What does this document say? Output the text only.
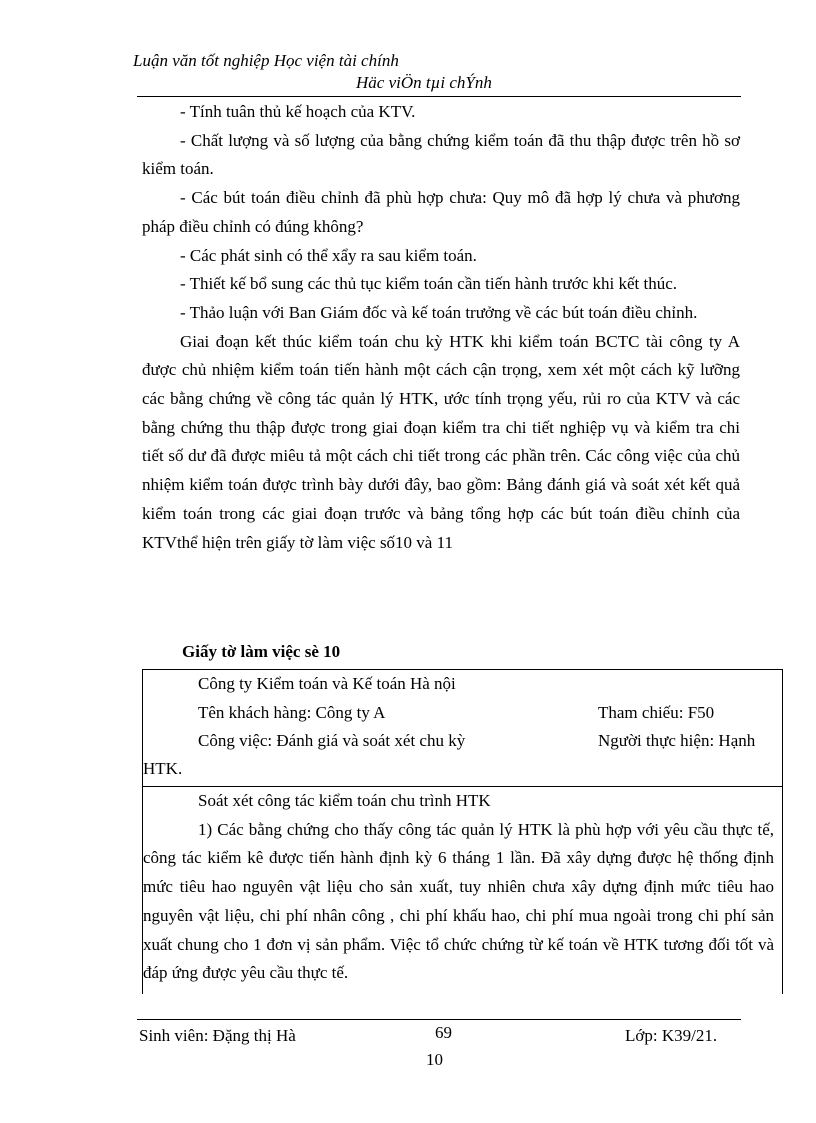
Luận văn tốt nghiệp Học viện tài chính
Häc viÖn tµi chÝnh

- Tính tuân thủ kế hoạch của KTV.

- Chất lượng và số lượng của bằng chứng kiểm toán đã thu thập được trên hồ sơ kiểm toán.

- Các bút toán điều chỉnh đã phù hợp chưa: Quy mô đã hợp lý chưa và phương pháp điều chỉnh có đúng không?

- Các phát sinh có thể xẩy ra sau kiểm toán.

- Thiết kế bổ sung các thủ tục kiểm toán cần tiến hành trước khi kết thúc.

- Thảo luận với Ban Giám đốc và kế toán trưởng về các bút toán điều chỉnh.

Giai đoạn kết thúc kiểm toán chu kỳ HTK khi kiểm toán BCTC tài công ty A được chủ nhiệm kiểm toán tiến hành một cách cận trọng, xem xét một cách kỹ lưỡng các bằng chứng về công tác quản lý HTK, ước tính trọng yếu, rủi ro của KTV và các bằng chứng thu thập được trong giai đoạn kiểm tra chi tiết nghiệp vụ và kiểm tra chi tiết số dư đã được miêu tả một cách chi tiết trong các phần trên. Các công việc của chủ nhiệm kiểm toán được trình bày dưới đây, bao gồm: Bảng đánh giá và soát xét kết quả kiểm toán trong các giai đoạn trước và bảng tổng hợp các bút toán điều chỉnh của KTVthể hiện trên giấy tờ làm việc số10 và 11

Giấy tờ làm việc sè 10
Công ty Kiểm toán và Kế toán Hà nội
Tên khách hàng: Công ty A	Tham chiếu: F50
Công việc: Đánh giá và soát xét chu kỳ	Người thực hiện: Hạnh
HTK.

Soát xét công tác kiểm toán chu trình HTK

1) Các bằng chứng cho thấy công tác quản lý HTK là phù hợp với yêu cầu thực tế, công tác kiểm kê được tiến hành định kỳ 6 tháng 1 lần. Đã xây dựng được hệ thống định mức tiêu hao nguyên vật liệu cho sản xuất, tuy nhiên chưa xây dựng định mức tiêu hao nguyên vật liệu, chi phí nhân công , chi phí khấu hao, chi phí mua ngoài trong chi phí sản xuất chung cho 1 đơn vị sản phẩm. Việc tổ chức chứng từ kế toán về HTK tương đối tốt và đáp ứng được yêu cầu thực tế.

Sinh viên: Đặng thị Hà	69	Lớp: K39/21.
10
